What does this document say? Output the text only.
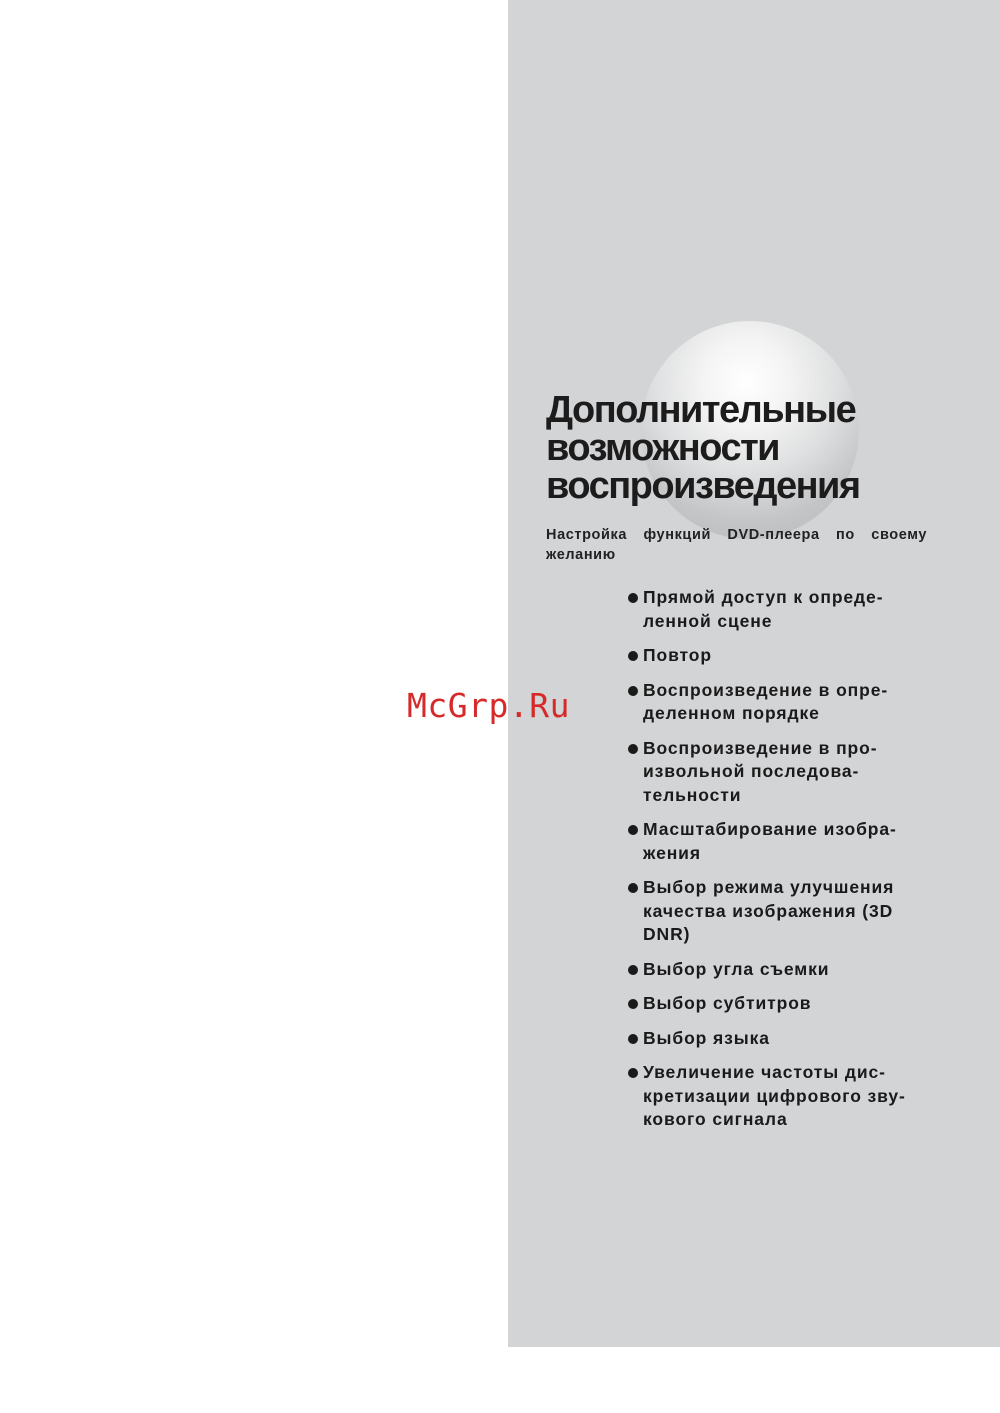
Дополнительные
возможности
воспроизведения

Настройка функций DVD-плеера по своему желанию

Прямой доступ к опреде-
ленной сцене
Повтор
Воспроизведение в опре-
деленном порядке
Воспроизведение в про-
извольной последова-
тельности
Масштабирование изобра-
жения
Выбор режима улучшения
качества изображения (3D
DNR)
Выбор угла съемки
Выбор субтитров
Выбор языка
Увеличение частоты дис-
кретизации цифрового зву-
кового сигнала

McGrp.Ru
